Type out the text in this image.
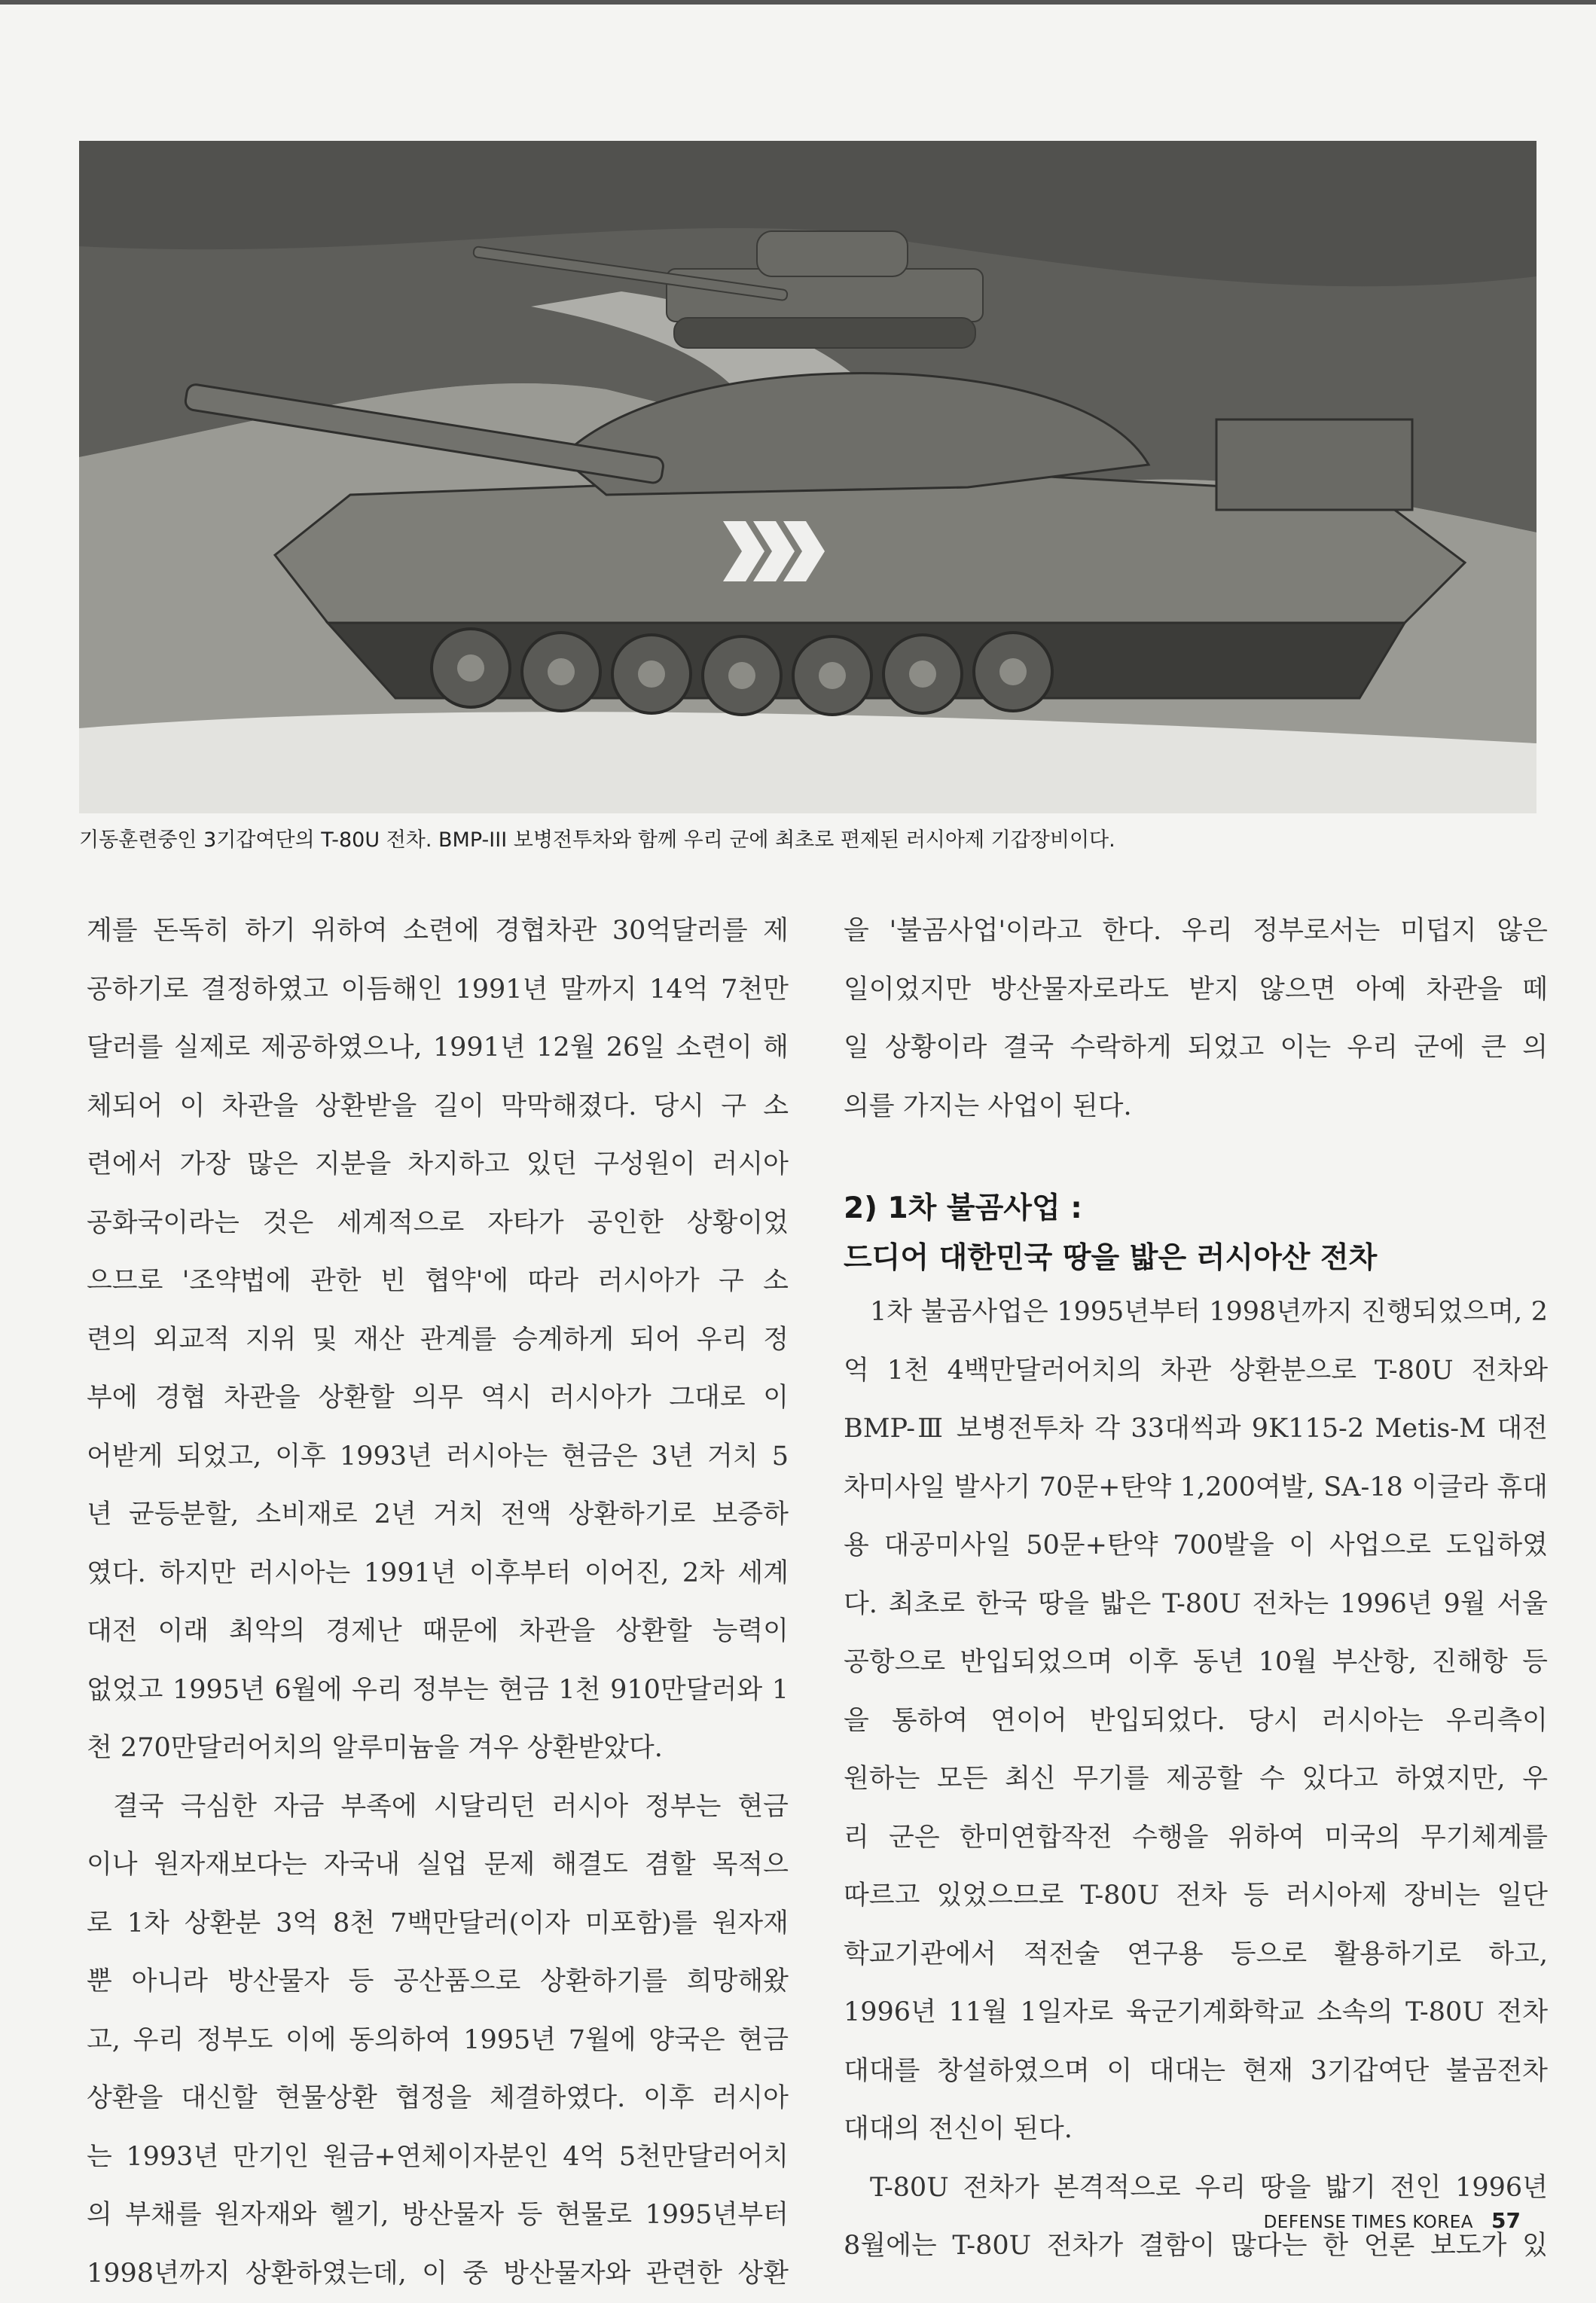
기동훈련중인 3기갑여단의 T-80U 전차. BMP-III 보병전투차와 함께 우리 군에 최초로 편제된 러시아제 기갑장비이다.

계를 돈독히 하기 위하여 소련에 경협차관 30억달러를 제

공하기로 결정하였고 이듬해인 1991년 말까지 14억 7천만

달러를 실제로 제공하였으나, 1991년 12월 26일 소련이 해

체되어 이 차관을 상환받을 길이 막막해졌다. 당시 구 소

련에서 가장 많은 지분을 차지하고 있던 구성원이 러시아

공화국이라는 것은 세계적으로 자타가 공인한 상황이었

으므로 '조약법에 관한 빈 협약'에 따라 러시아가 구 소

련의 외교적 지위 및 재산 관계를 승계하게 되어 우리 정

부에 경협 차관을 상환할 의무 역시 러시아가 그대로 이

어받게 되었고, 이후 1993년 러시아는 현금은 3년 거치 5

년 균등분할, 소비재로 2년 거치 전액 상환하기로 보증하

였다. 하지만 러시아는 1991년 이후부터 이어진, 2차 세계

대전 이래 최악의 경제난 때문에 차관을 상환할 능력이

없었고 1995년 6월에 우리 정부는 현금 1천 910만달러와 1

천 270만달러어치의 알루미늄을 겨우 상환받았다.

결국 극심한 자금 부족에 시달리던 러시아 정부는 현금

이나 원자재보다는 자국내 실업 문제 해결도 겸할 목적으

로 1차 상환분 3억 8천 7백만달러(이자 미포함)를 원자재

뿐 아니라 방산물자 등 공산품으로 상환하기를 희망해왔

고, 우리 정부도 이에 동의하여 1995년 7월에 양국은 현금

상환을 대신할 현물상환 협정을 체결하였다. 이후 러시아

는 1993년 만기인 원금+연체이자분인 4억 5천만달러어치

의 부채를 원자재와 헬기, 방산물자 등 현물로 1995년부터

1998년까지 상환하였는데, 이 중 방산물자와 관련한 상환

을 '불곰사업'이라고 한다. 우리 정부로서는 미덥지 않은

일이었지만 방산물자로라도 받지 않으면 아예 차관을 떼

일 상황이라 결국 수락하게 되었고 이는 우리 군에 큰 의

의를 가지는 사업이 된다.

2) 1차 불곰사업 :
드디어 대한민국 땅을 밟은 러시아산 전차

1차 불곰사업은 1995년부터 1998년까지 진행되었으며, 2

억 1천 4백만달러어치의 차관 상환분으로 T-80U 전차와

BMP-Ⅲ 보병전투차 각 33대씩과 9K115-2 Metis-M 대전

차미사일 발사기 70문+탄약 1,200여발, SA-18 이글라 휴대

용 대공미사일 50문+탄약 700발을 이 사업으로 도입하였

다. 최초로 한국 땅을 밟은 T-80U 전차는 1996년 9월 서울

공항으로 반입되었으며 이후 동년 10월 부산항, 진해항 등

을 통하여 연이어 반입되었다. 당시 러시아는 우리측이

원하는 모든 최신 무기를 제공할 수 있다고 하였지만, 우

리 군은 한미연합작전 수행을 위하여 미국의 무기체계를

따르고 있었으므로 T-80U 전차 등 러시아제 장비는 일단

학교기관에서 적전술 연구용 등으로 활용하기로 하고,

1996년 11월 1일자로 육군기계화학교 소속의 T-80U 전차

대대를 창설하였으며 이 대대는 현재 3기갑여단 불곰전차

대대의 전신이 된다.

T-80U 전차가 본격적으로 우리 땅을 밟기 전인 1996년

8월에는 T-80U 전차가 결함이 많다는 한 언론 보도가 있

DEFENSE TIMES KOREA 57
